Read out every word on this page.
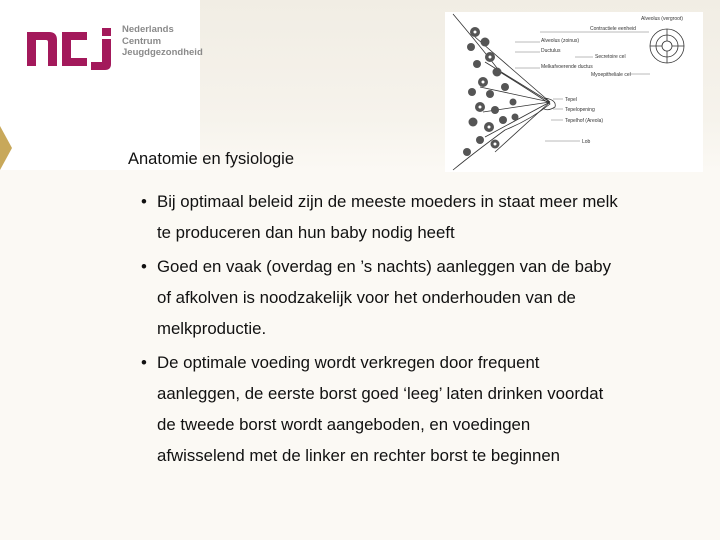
Nederlands
Centrum
Jeugdgezondheid
Alveolus (vergroot)
Contractiele eenheid
Alveolus (zoinus)
Ductulus
Secretoire cel
Melkafvoerende ductus
Myoepitheliale cel
Tepel
Tepelopening
Tepelhof (Areola)
Lob
Anatomie en fysiologie
• Bij optimaal beleid zijn de meeste moeders in staat meer melk
te produceren dan hun baby nodig heeft
• Goed en vaak (overdag en ’s nachts) aanleggen van de baby
of afkolven is noodzakelijk voor het onderhouden van de
melkproductie.
• De optimale voeding wordt verkregen door frequent
aanleggen, de eerste borst goed ‘leeg’ laten drinken voordat
de tweede borst wordt aangeboden, en voedingen
afwisselend met de linker en rechter borst te beginnen
